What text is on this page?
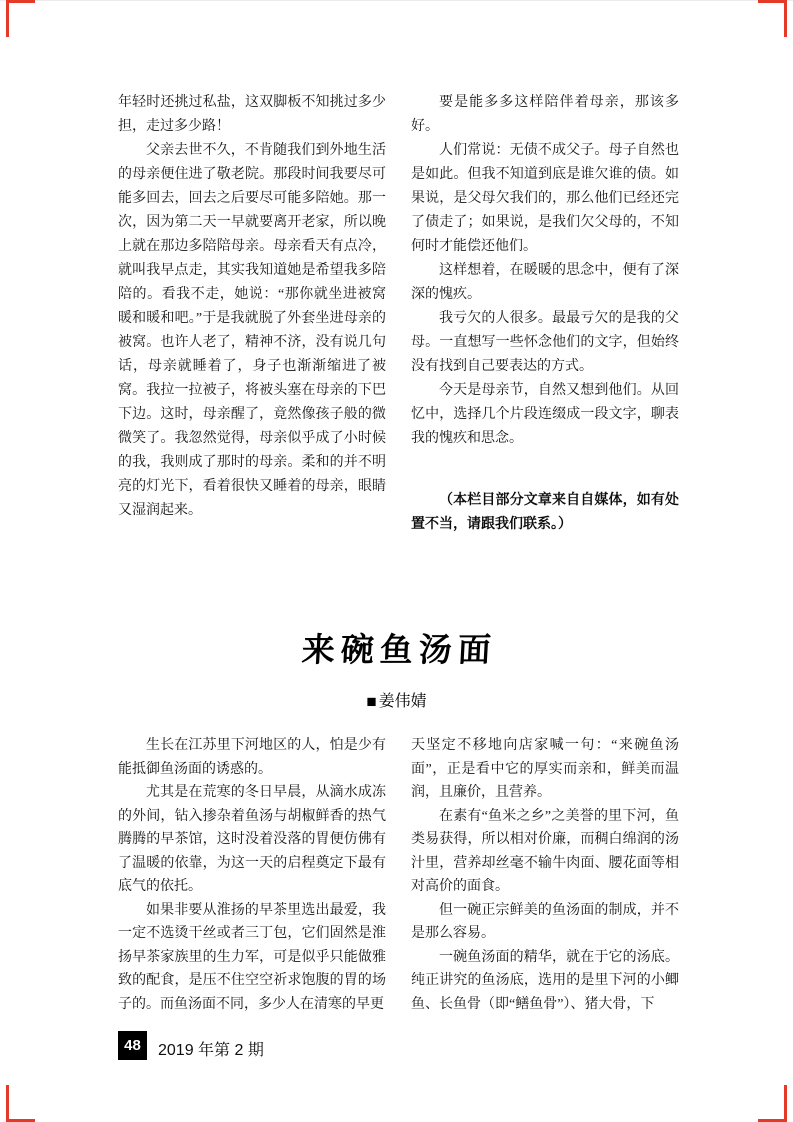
年轻时还挑过私盐，这双脚板不知挑过多少担，走过多少路！

父亲去世不久，不肯随我们到外地生活的母亲便住进了敬老院。那段时间我要尽可能多回去，回去之后要尽可能多陪她。那一次，因为第二天一早就要离开老家，所以晚上就在那边多陪陪母亲。母亲看天有点冷，就叫我早点走，其实我知道她是希望我多陪陪的。看我不走，她说：“那你就坐进被窝暖和暖和吧。”于是我就脱了外套坐进母亲的被窝。也许人老了，精神不济，没有说几句话，母亲就睡着了，身子也渐渐缩进了被窝。我拉一拉被子，将被头塞在母亲的下巴下边。这时，母亲醒了，竟然像孩子般的微微笑了。我忽然觉得，母亲似乎成了小时候的我，我则成了那时的母亲。柔和的并不明亮的灯光下，看着很快又睡着的母亲，眼睛又湿润起来。

要是能多多这样陪伴着母亲，那该多好。

人们常说：无债不成父子。母子自然也是如此。但我不知道到底是谁欠谁的债。如果说，是父母欠我们的，那么他们已经还完了债走了；如果说，是我们欠父母的，不知何时才能偿还他们。

这样想着，在暖暖的思念中，便有了深深的愧疚。

我亏欠的人很多。最最亏欠的是我的父母。一直想写一些怀念他们的文字，但始终没有找到自己要表达的方式。

今天是母亲节，自然又想到他们。从回忆中，选择几个片段连缀成一段文字，聊表我的愧疚和思念。

（本栏目部分文章来自自媒体，如有处置不当，请跟我们联系。）

来碗鱼汤面
■ 姜伟婧

生长在江苏里下河地区的人，怕是少有能抵御鱼汤面的诱惑的。

尤其是在荒寒的冬日早晨，从滴水成冻的外间，钻入掺杂着鱼汤与胡椒鲜香的热气腾腾的早茶馆，这时没着没落的胃便仿佛有了温暖的依靠，为这一天的启程奠定下最有底气的依托。

如果非要从淮扬的早茶里选出最爱，我一定不选烫干丝或者三丁包，它们固然是淮扬早茶家族里的生力军，可是似乎只能做雅致的配食，是压不住空空祈求饱腹的胃的场子的。而鱼汤面不同，多少人在清寒的早更

天坚定不移地向店家喊一句：“来碗鱼汤面”，正是看中它的厚实而亲和，鲜美而温润，且廉价，且营养。

在素有“鱼米之乡”之美誉的里下河，鱼类易获得，所以相对价廉，而稠白绵润的汤汁里，营养却丝毫不输牛肉面、腰花面等相对高价的面食。

但一碗正宗鲜美的鱼汤面的制成，并不是那么容易。

一碗鱼汤面的精华，就在于它的汤底。纯正讲究的鱼汤底，选用的是里下河的小鲫鱼、长鱼骨（即“鳝鱼骨”）、猪大骨，下

48	2019 年第 2 期
